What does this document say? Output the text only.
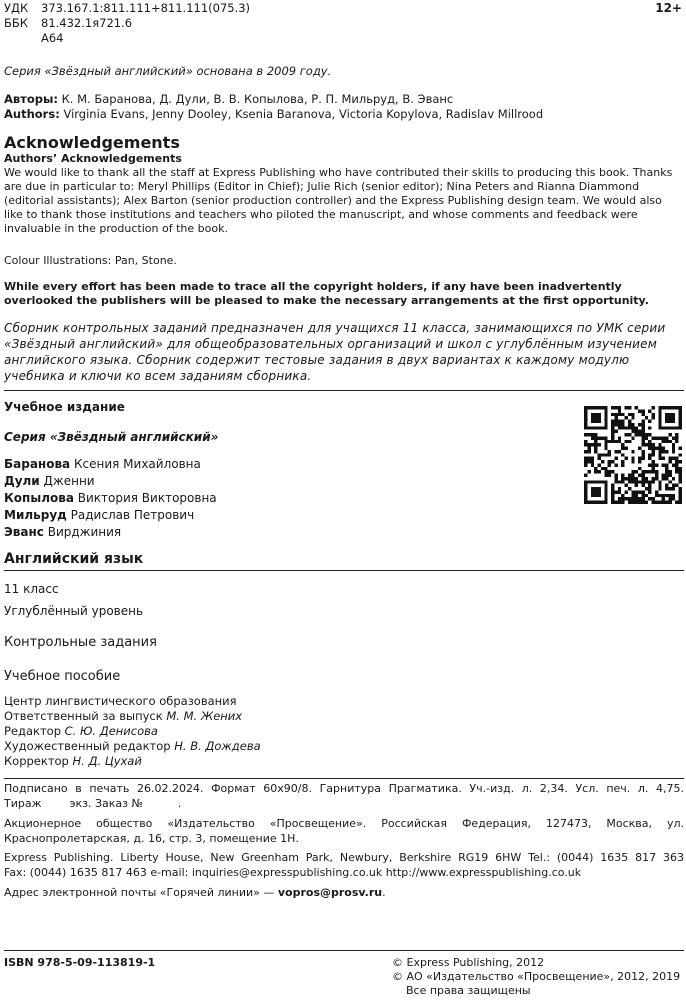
УДК	373.167.1:811.111+811.111(075.3)
ББК	81.432.1я721.6
А64
12+
Серия «Звёздный английский» основана в 2009 году.
Авторы: К. М. Баранова, Д. Дули, В. В. Копылова, Р. П. Мильруд, В. Эванс
Authors: Virginia Evans, Jenny Dooley, Ksenia Baranova, Victoria Kopylova, Radislav Millrood
Acknowledgements
Authors’ Acknowledgements
We would like to thank all the staff at Express Publishing who have contributed their skills to producing this book. Thanks are due in particular to: Meryl Phillips (Editor in Chief); Julie Rich (senior editor); Nina Peters and Rianna Diammond (editorial assistants); Alex Barton (senior production controller) and the Express Publishing design team. We would also like to thank those institutions and teachers who piloted the manuscript, and whose comments and feedback were invaluable in the production of the book.
Colour Illustrations: Pan, Stone.
While every effort has been made to trace all the copyright holders, if any have been inadvertently overlooked the publishers will be pleased to make the necessary arrangements at the first opportunity.
Сборник контрольных заданий предназначен для учащихся 11 класса, занимающихся по УМК серии «Звёздный английский» для общеобразовательных организаций и школ с углублённым изучением английского языка. Сборник содержит тестовые задания в двух вариантах к каждому модулю учебника и ключи ко всем заданиям сборника.
Учебное издание
Серия «Звёздный английский»
Баранова Ксения Михайловна
Дули Дженни
Копылова Виктория Викторовна
Мильруд Радислав Петрович
Эванс Вирджиния
Английский язык
11 класс
Углублённый уровень
Контрольные задания
Учебное пособие
Центр лингвистического образования
Ответственный за выпуск М. М. Жених
Редактор С. Ю. Денисова
Художественный редактор Н. В. Дождева
Корректор Н. Д. Цухай
Подписано в печать 26.02.2024. Формат 60х90/8. Гарнитура Прагматика. Уч.-изд. л. 2,34. Усл. печ. л. 4,75.
Тираж        экз. Заказ №          .
Акционерное общество «Издательство «Просвещение». Российская Федерация, 127473, Москва, ул. Краснопролетарская, д. 16, стр. 3, помещение 1Н.
Express Publishing. Liberty House, New Greenham Park, Newbury, Berkshire RG19 6HW Tel.: (0044) 1635 817 363
Fax: (0044) 1635 817 463 e-mail: inquiries@expresspublishing.co.uk http://www.expresspublishing.co.uk
Адрес электронной почты «Горячей линии» — vopros@prosv.ru.
ISBN 978-5-09-113819-1	© Express Publishing, 2012
© АО «Издательство «Просвещение», 2012, 2019
Все права защищены
